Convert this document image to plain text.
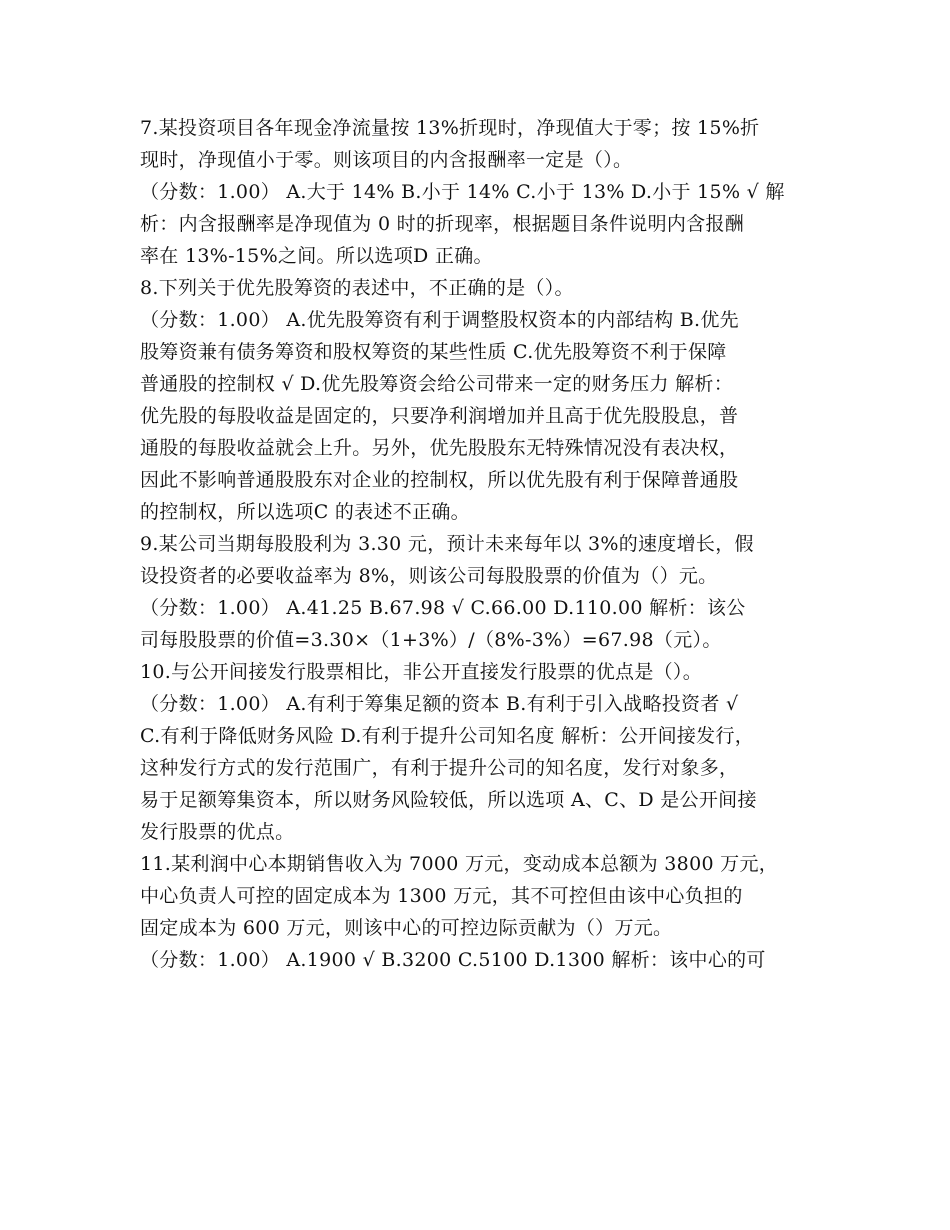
7.某投资项目各年现金净流量按 13%折现时，净现值大于零；按 15%折
现时，净现值小于零。则该项目的内含报酬率一定是（）。
（分数：1.00） A.大于 14% B.小于 14% C.小于 13% D.小于 15% √ 解
析：内含报酬率是净现值为 0 时的折现率，根据题目条件说明内含报酬
率在 13%-15%之间。所以选项D 正确。
8.下列关于优先股筹资的表述中，不正确的是（）。
（分数：1.00） A.优先股筹资有利于调整股权资本的内部结构 B.优先
股筹资兼有债务筹资和股权筹资的某些性质 C.优先股筹资不利于保障
普通股的控制权 √ D.优先股筹资会给公司带来一定的财务压力 解析：
优先股的每股收益是固定的，只要净利润增加并且高于优先股股息，普
通股的每股收益就会上升。另外，优先股股东无特殊情况没有表决权，
因此不影响普通股股东对企业的控制权，所以优先股有利于保障普通股
的控制权，所以选项C 的表述不正确。
9.某公司当期每股股利为 3.30 元，预计未来每年以 3%的速度增长，假
设投资者的必要收益率为 8%，则该公司每股股票的价值为（）元。
（分数：1.00） A.41.25 B.67.98 √ C.66.00 D.110.00 解析：该公
司每股股票的价值=3.30×（1+3%）/（8%-3%）=67.98（元）。
10.与公开间接发行股票相比，非公开直接发行股票的优点是（）。
（分数：1.00） A.有利于筹集足额的资本 B.有利于引入战略投资者 √
C.有利于降低财务风险 D.有利于提升公司知名度 解析：公开间接发行，
这种发行方式的发行范围广，有利于提升公司的知名度，发行对象多，
易于足额筹集资本，所以财务风险较低，所以选项 A、C、D 是公开间接
发行股票的优点。
11.某利润中心本期销售收入为 7000 万元，变动成本总额为 3800 万元，
中心负责人可控的固定成本为 1300 万元，其不可控但由该中心负担的
固定成本为 600 万元，则该中心的可控边际贡献为（）万元。
（分数：1.00） A.1900 √ B.3200 C.5100 D.1300 解析：该中心的可
